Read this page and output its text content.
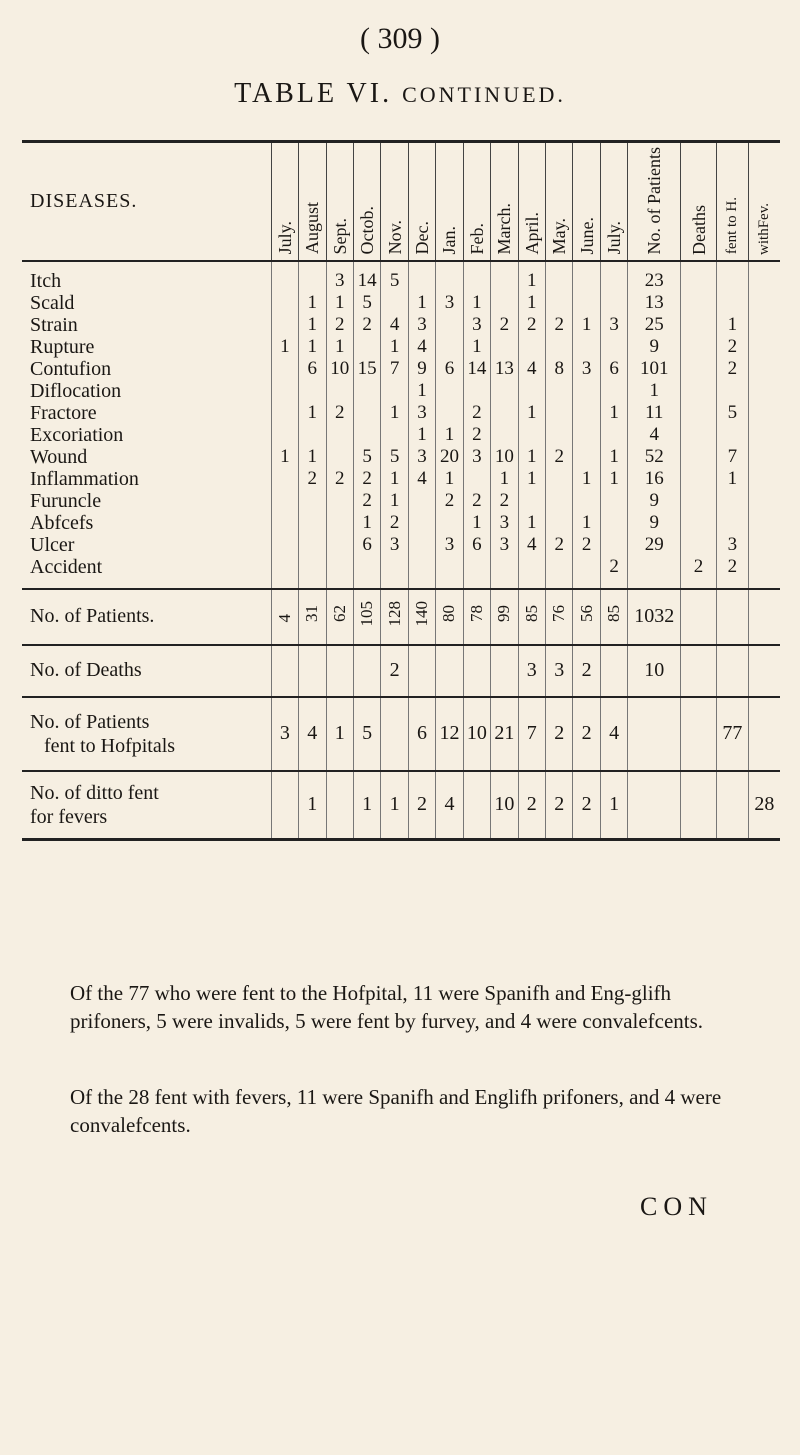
( 309 )
TABLE VI. CONTINUED.
DISEASES.	July.	August	Sept.	Octob.	Nov.	Dec.	Jan.	Feb.	March.	April.	May.	June.	July.	No. of Patients	Deaths	fent to H.	withFev.
Itch			3	14	5					1				23			
Scald		1	1	5		1	3	1		1				13			
Strain		1	2	2	4	3		3	2	2	2	1	3	25		1	
Rupture	1	1	1		1	4		1						9		2	
Contufion		6	10	15	7	9	6	14	13	4	8	3	6	101		2	
Diflocation						1								1			
Fractore		1	2		1	3		2		1			1	11		5	
Excoriation						1	1	2						4			
Wound	1	1		5	5	3	20	3	10	1	2		1	52		7	
Inflammation		2	2	2	1	4	1		1	1		1	1	16		1	
Furuncle				2	1		2	2	2					9			
Abfcefs				1	2			1	3	1		1		9			
Ulcer				6	3		3	6	3	4	2	2		29		3	
Accident													2		2	2	
No. of Patients.	4	31	62	105	128	140	80	78	99	85	76	56	85	1032			
No. of Deaths					2					3	3	2		10			

No. of Patients
fent to Hofpitals	3	4	1	5		6	12	10	21	7	2	2	4			77	

No. of ditto fent
for fevers		1		1	1	2	4		10	2	2	2	1				28

Of the 77 who were fent to the Hofpital, 11 were Spanifh and Eng-glifh prifoners, 5 were invalids, 5 were fent by furvey, and 4 were convalefcents.

Of the 28 fent with fevers, 11 were Spanifh and Englifh prifoners, and 4 were convalefcents.

CON
